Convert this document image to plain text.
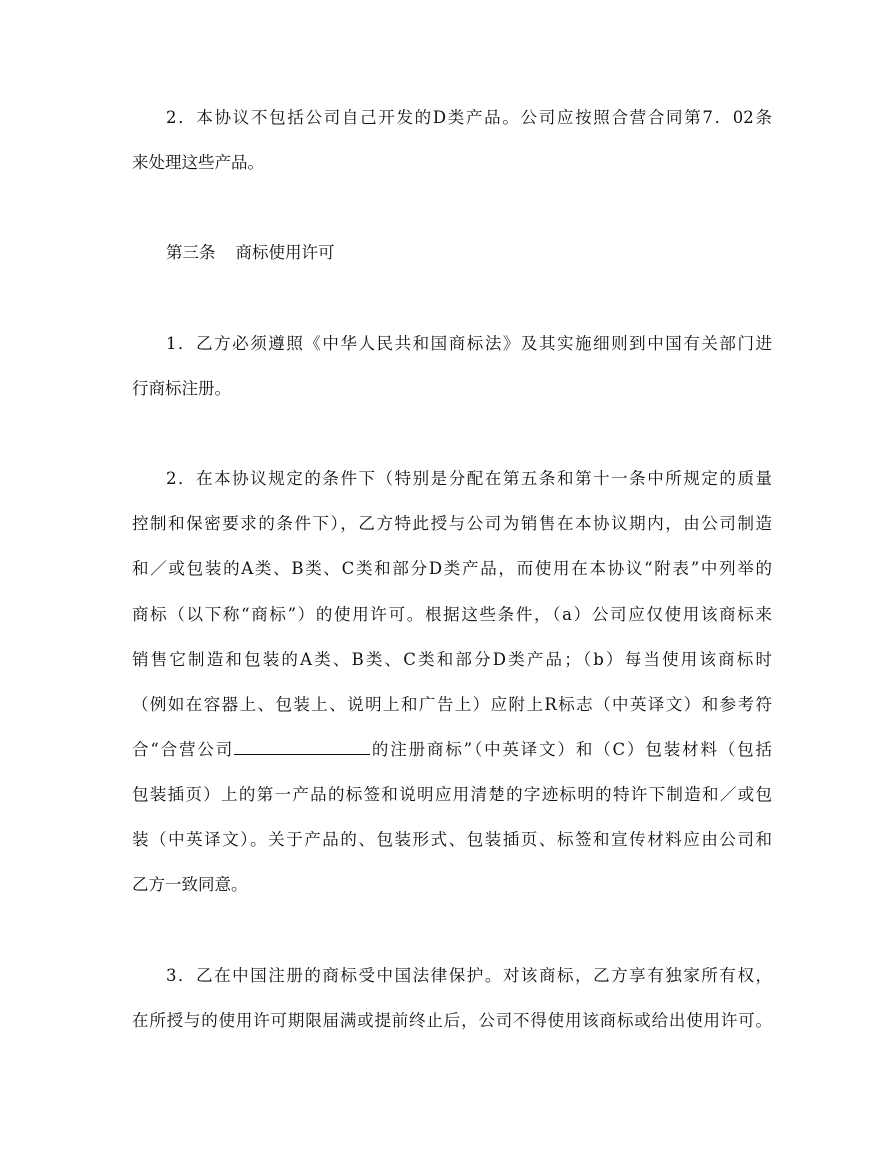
2．本协议不包括公司自己开发的D类产品。公司应按照合营合同第7．02条
来处理这些产品。
第三条 商标使用许可
1．乙方必须遵照《中华人民共和国商标法》及其实施细则到中国有关部门进
行商标注册。
2．在本协议规定的条件下（特别是分配在第五条和第十一条中所规定的质量
控制和保密要求的条件下），乙方特此授与公司为销售在本协议期内，由公司制造
和／或包装的A类、B类、C类和部分D类产品，而使用在本协议“附表”中列举的
商标（以下称“商标”）的使用许可。根据这些条件，（a）公司应仅使用该商标来
销售它制造和包装的A类、B类、C类和部分D类产品；（b）每当使用该商标时
（例如在容器上、包装上、说明上和广告上）应附上R标志（中英译文）和参考符
合“合营公司	的注册商标”（中英译文）和（C）包装材料（包括
包装插页）上的第一产品的标签和说明应用清楚的字迹标明的特许下制造和／或包
装（中英译文）。关于产品的、包装形式、包装插页、标签和宣传材料应由公司和
乙方一致同意。
3．乙在中国注册的商标受中国法律保护。对该商标，乙方享有独家所有权，
在所授与的使用许可期限届满或提前终止后，公司不得使用该商标或给出使用许可。
